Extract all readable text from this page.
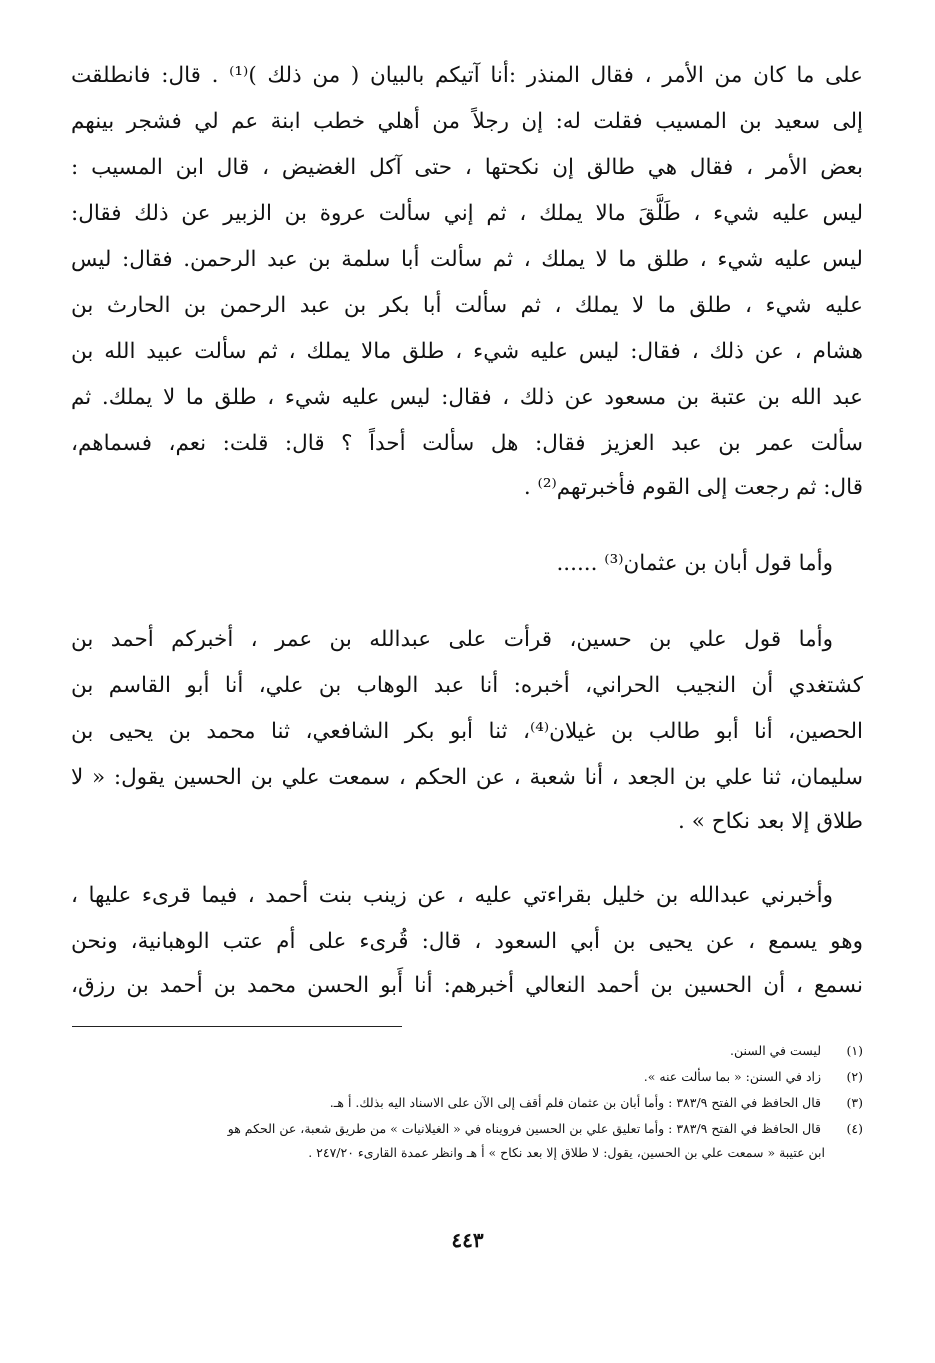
على ما كان من الأمر ، فقال المنذر :أنا آتيكم بالبيان ( من ذلك )⁽¹⁾ . قال: فانطلقت
إلى سعيد بن المسيب فقلت له: إن رجلاً من أهلي خطب ابنة عم لي فشجر بينهم
بعض الأمر ، فقال هي طالق إن نكحتها ، حتى آكل الغضيض ، قال ابن المسيب :
ليس عليه شيء ، طَلَّقَ مالا يملك ، ثم إني سألت عروة بن الزبير عن ذلك فقال:
ليس عليه شيء ، طلق ما لا يملك ، ثم سألت أبا سلمة بن عبد الرحمن. فقال: ليس
عليه شيء ، طلق ما لا يملك ، ثم سألت أبا بكر بن عبد الرحمن بن الحارث بن
هشام ، عن ذلك ، فقال: ليس عليه شيء ، طلق مالا يملك ، ثم سألت عبيد الله بن
عبد الله بن عتبة بن مسعود عن ذلك ، فقال: ليس عليه شيء ، طلق ما لا يملك. ثم
سألت عمر بن عبد العزيز فقال: هل سألت أحداً ؟ قال: قلت: نعم، فسماهم،
قال: ثم رجعت إلى القوم فأخبرتهم⁽²⁾ .
وأما قول أبان بن عثمان⁽³⁾ ......
وأما قول علي بن حسين، قرأت على عبدالله بن عمر ، أخبركم أحمد بن
كشتغدي أن النجيب الحراني، أخبره: أنا عبد الوهاب بن علي، أنا أبو القاسم بن
الحصين، أنا أبو طالب بن غيلان⁽⁴⁾، ثنا أبو بكر الشافعي، ثنا محمد بن يحيى بن
سليمان، ثنا علي بن الجعد ، أنا شعبة ، عن الحكم ، سمعت علي بن الحسين يقول: « لا
طلاق إلا بعد نكاح » .
وأخبرني عبدالله بن خليل بقراءتي عليه ، عن زينب بنت أحمد ، فيما قرىء عليها ،
وهو يسمع ، عن يحيى بن أبي السعود ، قال: قُرىء على أم عتب الوهبانية، ونحن
نسمع ، أن الحسين بن أحمد النعالي أخبرهم: أنا أَبو الحسن محمد بن أحمد بن رزق،
(١) ليست في السنن.
(٢) زاد في السنن: « بما سألت عنه ».
(٣) قال الحافظ في الفتح ٣٨٣/٩ : وأما أبان بن عثمان فلم أقف إلى الآن على الاسناد اليه بذلك. أ هـ.
(٤) قال الحافظ في الفتح ٣٨٣/٩ : وأما تعليق علي بن الحسين فرويناه في « الغيلانيات » من طريق شعبة، عن الحكم هو
ابن عتيبة « سمعت علي بن الحسين، يقول: لا طلاق إلا بعد نكاح » أ هـ وانظر عمدة القارىء ٢٤٧/٢٠ .
٤٤٣
